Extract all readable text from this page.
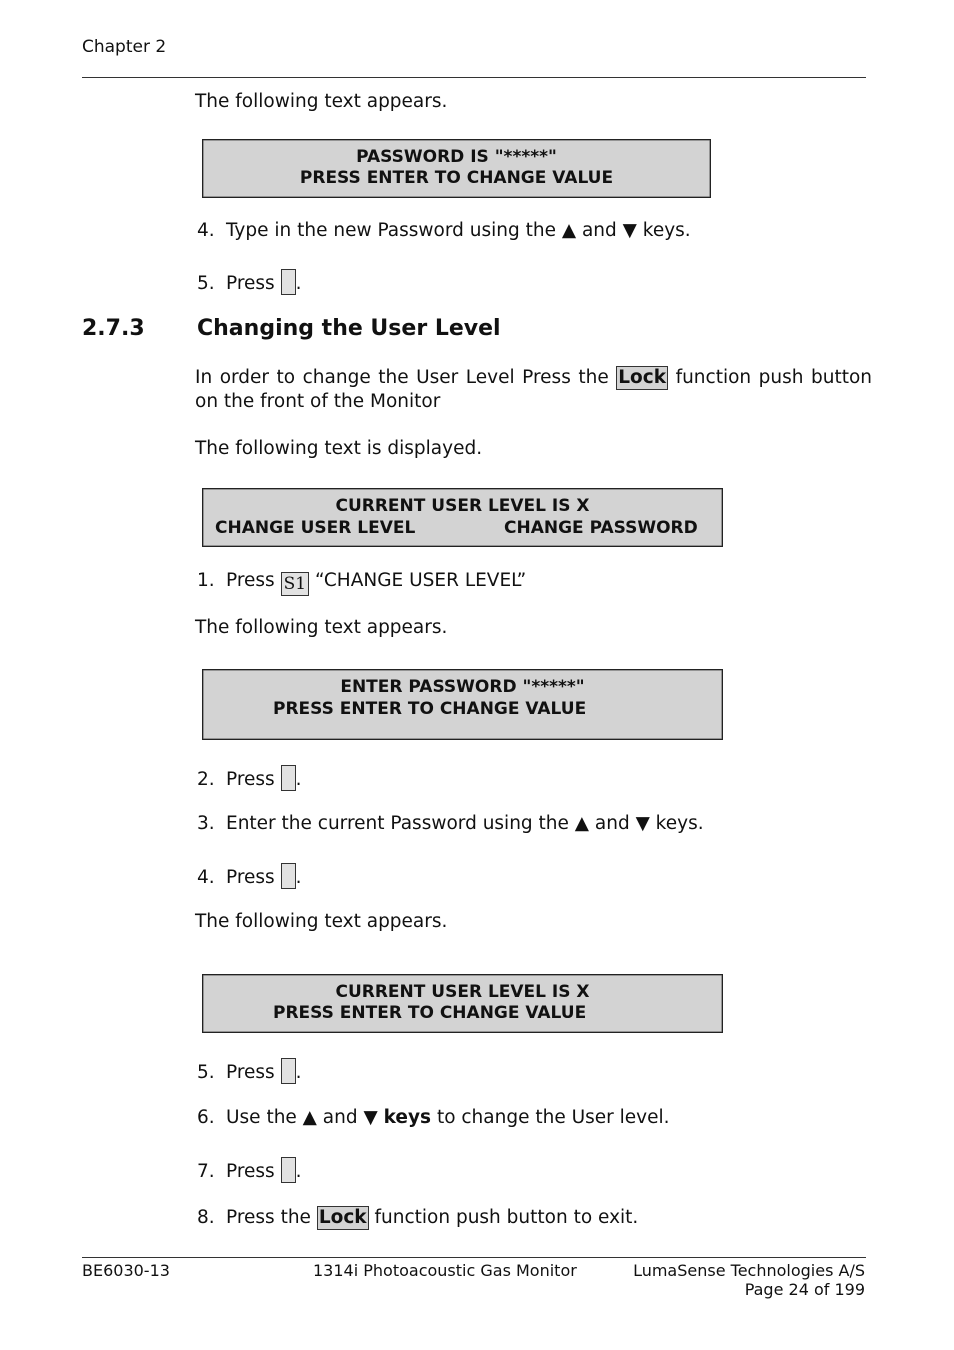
Chapter 2
The following text appears.
PASSWORD IS "*****"
PRESS ENTER TO CHANGE VALUE
4. Type in the new Password using the ▲ and ▼ keys.
5. Press .
2.7.3 Changing the User Level
In order to change the User Level Press the Lock function push button on the front of the Monitor
The following text is displayed.
CURRENT USER LEVEL IS X
CHANGE USER LEVEL	CHANGE PASSWORD
1. Press S1 “CHANGE USER LEVEL”
The following text appears.
ENTER PASSWORD "*****"
PRESS ENTER TO CHANGE VALUE
2. Press .
3. Enter the current Password using the ▲ and ▼ keys.
4. Press .
The following text appears.
CURRENT USER LEVEL IS X
PRESS ENTER TO CHANGE VALUE
5. Press .
6. Use the ▲ and ▼ keys to change the User level.
7. Press .
8. Press the Lock function push button to exit.
BE6030-13	1314i Photoacoustic Gas Monitor	LumaSense Technologies A/S
Page 24 of 199
